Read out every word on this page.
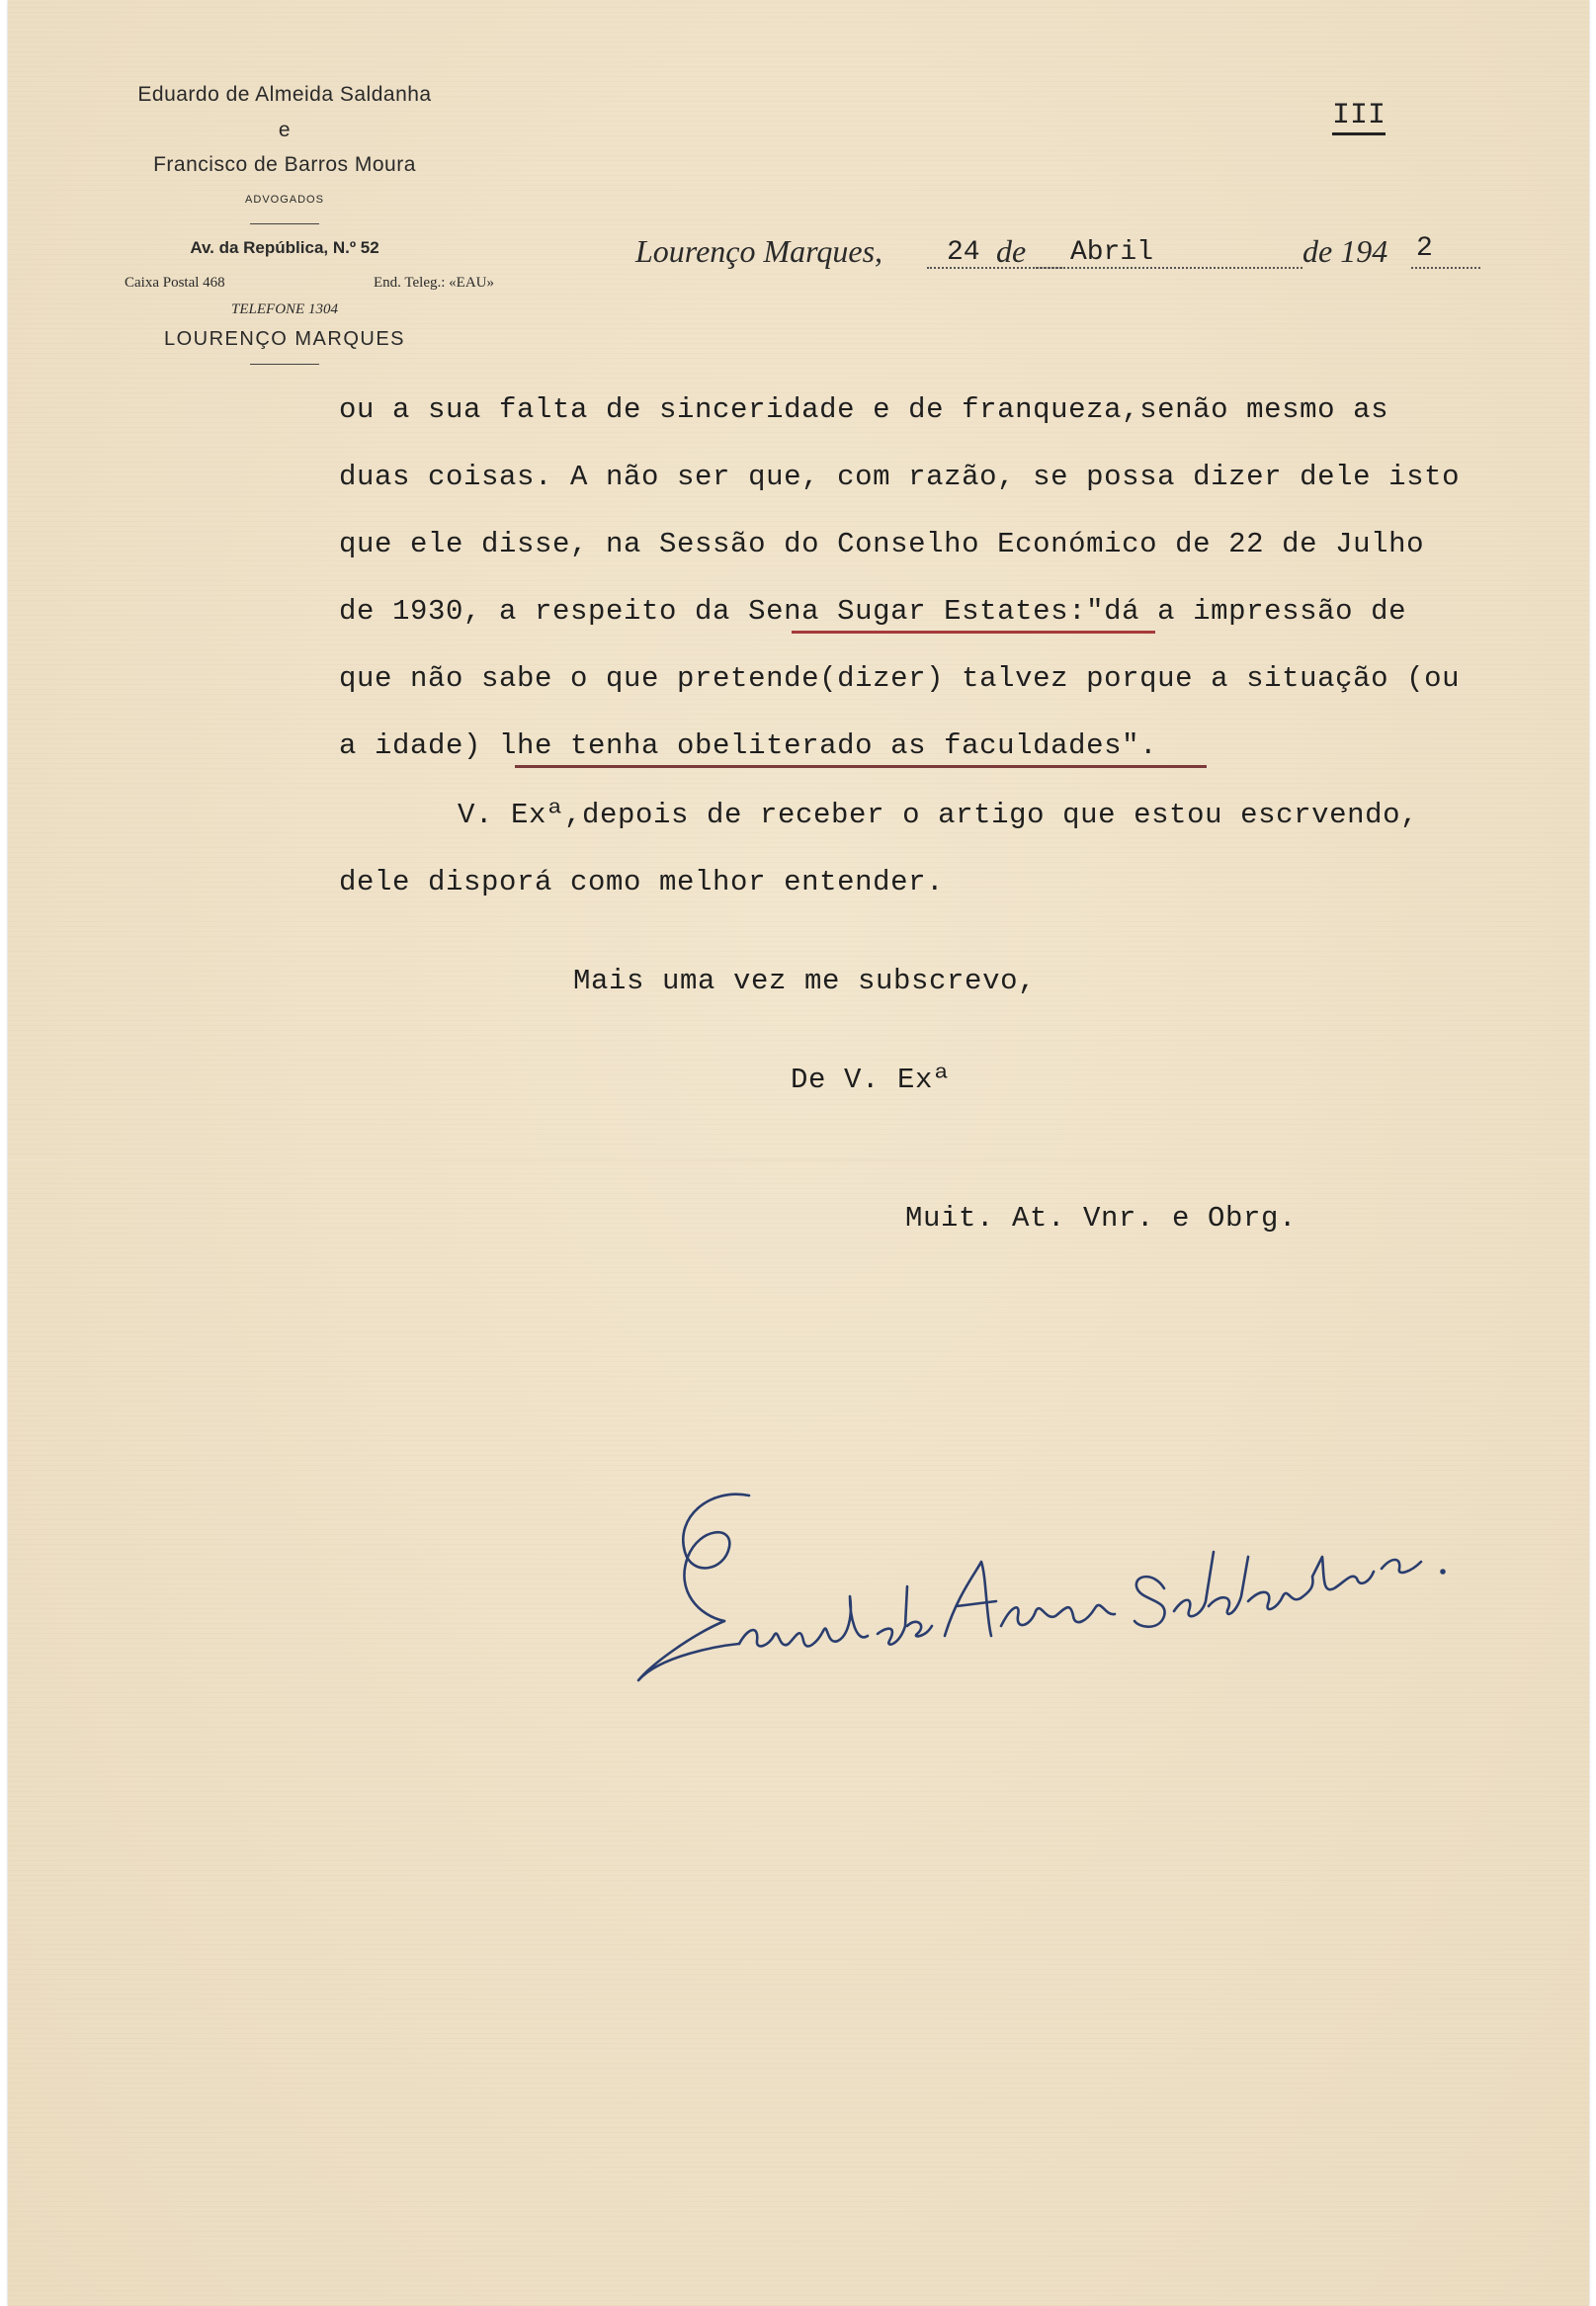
Eduardo de Almeida Saldanha
e
Francisco de Barros Moura
ADVOGADOS
Av. da República, N.º 52
Caixa Postal 468	End. Teleg.: «EAU»
TELEFONE 1304
LOURENÇO MARQUES
III
Lourenço Marques, 24 de Abril	de 194 2
ou a sua falta de sinceridade e de franqueza,senão mesmo as
duas coisas. A não ser que, com razão, se possa dizer dele isto
que ele disse, na Sessão do Conselho Económico de 22 de Julho
de 1930, a respeito da Sena Sugar Estates:"dá a impressão de
que não sabe o que pretende(dizer) talvez porque a situação (ou
a idade) lhe tenha obeliterado as faculdades".
V. Exª,depois de receber o artigo que estou escrvendo,
dele disporá como melhor entender.
Mais uma vez me subscrevo,
De V. Exª
Muit. At. Vnr. e Obrg.
